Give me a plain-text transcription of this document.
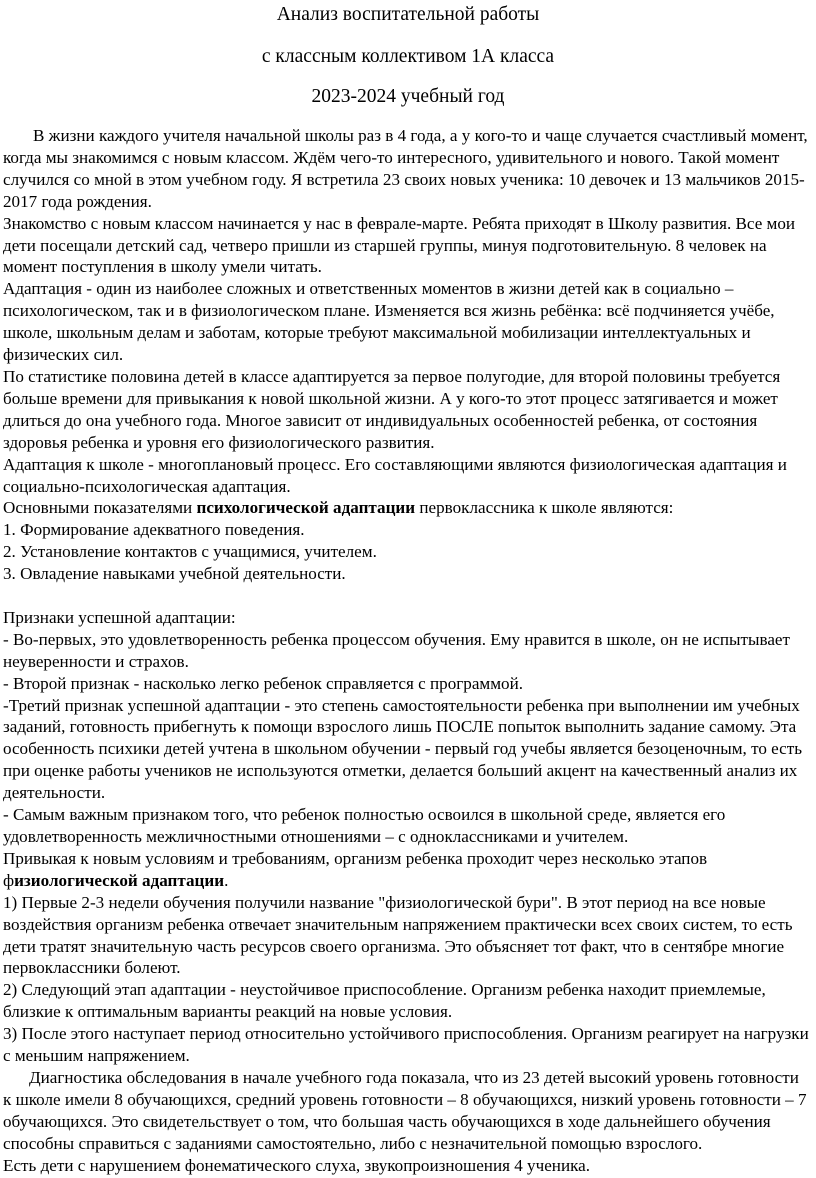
Анализ воспитательной работы

с классным коллективом 1А класса

2023-2024 учебный год

В жизни каждого учителя начальной школы раз в 4 года, а у кого-то и чаще случается счастливый момент, когда мы знакомимся с новым классом. Ждём чего-то интересного, удивительного и нового. Такой момент случился со мной в этом учебном году. Я встретила 23 своих новых ученика: 10 девочек и 13 мальчиков 2015-2017 года рождения.

Знакомство с новым классом начинается у нас в феврале-марте. Ребята приходят в Школу развития. Все мои дети посещали детский сад, четверо пришли из старшей группы, минуя подготовительную. 8 человек на момент поступления в школу умели читать.

Адаптация - один из наиболее сложных и ответственных моментов в жизни детей как в социально – психологическом, так и в физиологическом плане. Изменяется вся жизнь ребёнка: всё подчиняется учёбе, школе, школьным делам и заботам, которые требуют максимальной мобилизации интеллектуальных и физических сил.

По статистике половина детей в классе адаптируется за первое полугодие, для второй половины требуется больше времени для привыкания к новой школьной жизни. А у кого-то этот процесс затягивается и может длиться до она учебного года. Многое зависит от индивидуальных особенностей ребенка, от состояния здоровья ребенка и уровня его физиологического развития.

Адаптация к школе - многоплановый процесс. Его составляющими являются физиологическая адаптация и социально-психологическая адаптация.

Основными показателями психологической адаптации первоклассника к школе являются:

1. Формирование адекватного поведения.

2. Установление контактов с учащимися, учителем.

3. Овладение навыками учебной деятельности.

Признаки успешной адаптации:

- Во-первых, это удовлетворенность ребенка процессом обучения. Ему нравится в школе, он не испытывает неуверенности и страхов.

- Второй признак - насколько легко ребенок справляется с программой.

-Третий признак успешной адаптации - это степень самостоятельности ребенка при выполнении им учебных заданий, готовность прибегнуть к помощи взрослого лишь ПОСЛЕ попыток выполнить задание самому. Эта особенность психики детей учтена в школьном обучении - первый год учебы является безоценочным, то есть при оценке работы учеников не используются отметки, делается больший акцент на качественный анализ их деятельности.

- Самым важным признаком того, что ребенок полностью освоился в школьной среде, является его удовлетворенность межличностными отношениями – с одноклассниками и учителем.

Привыкая к новым условиям и требованиям, организм ребенка проходит через несколько этапов физиологической адаптации.

1) Первые 2-3 недели обучения получили название "физиологической бури". В этот период на все новые воздействия организм ребенка отвечает значительным напряжением практически всех своих систем, то есть дети тратят значительную часть ресурсов своего организма. Это объясняет тот факт, что в сентябре многие первоклассники болеют.

2) Следующий этап адаптации - неустойчивое приспособление. Организм ребенка находит приемлемые, близкие к оптимальным варианты реакций на новые условия.

3) После этого наступает период относительно устойчивого приспособления. Организм реагирует на нагрузки с меньшим напряжением.

Диагностика обследования в начале учебного года показала, что из 23 детей высокий уровень готовности к школе имели 8 обучающихся, средний уровень готовности – 8 обучающихся, низкий уровень готовности – 7 обучающихся. Это свидетельствует о том, что большая часть обучающихся в ходе дальнейшего обучения способны справиться с заданиями самостоятельно, либо с незначительной помощью взрослого.

Есть дети с нарушением фонематического слуха, звукопроизношения 4 ученика.
